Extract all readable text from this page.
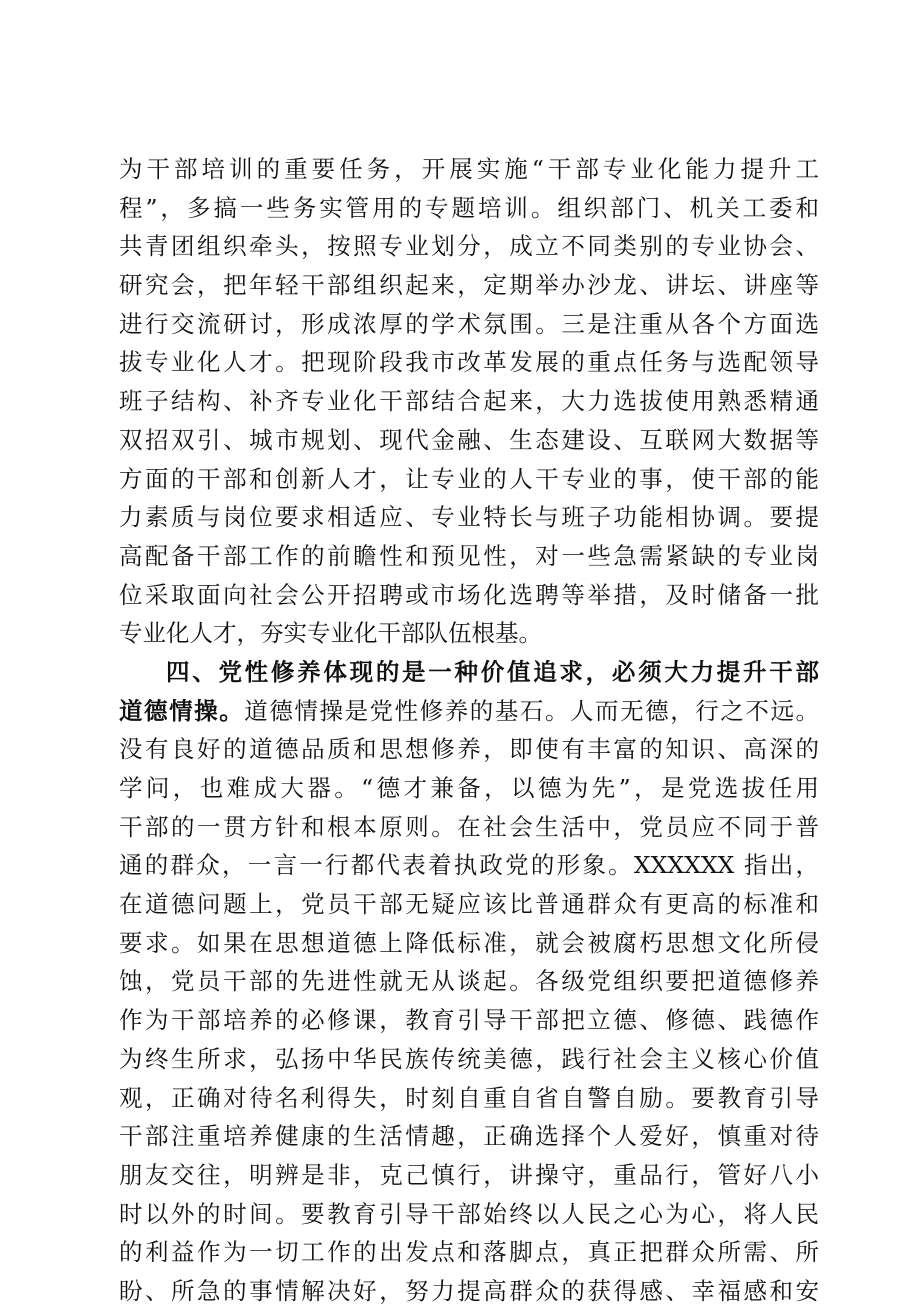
为干部培训的重要任务，开展实施“干部专业化能力提升工
程”，多搞一些务实管用的专题培训。组织部门、机关工委和
共青团组织牵头，按照专业划分，成立不同类别的专业协会、
研究会，把年轻干部组织起来，定期举办沙龙、讲坛、讲座等
进行交流研讨，形成浓厚的学术氛围。三是注重从各个方面选
拔专业化人才。把现阶段我市改革发展的重点任务与选配领导
班子结构、补齐专业化干部结合起来，大力选拔使用熟悉精通
双招双引、城市规划、现代金融、生态建设、互联网大数据等
方面的干部和创新人才，让专业的人干专业的事，使干部的能
力素质与岗位要求相适应、专业特长与班子功能相协调。要提
高配备干部工作的前瞻性和预见性，对一些急需紧缺的专业岗
位采取面向社会公开招聘或市场化选聘等举措，及时储备一批
专业化人才，夯实专业化干部队伍根基。
四、党性修养体现的是一种价值追求，必须大力提升干部
道德情操。道德情操是党性修养的基石。人而无德，行之不远。
没有良好的道德品质和思想修养，即使有丰富的知识、高深的
学问，也难成大器。“德才兼备，以德为先”，是党选拔任用
干部的一贯方针和根本原则。在社会生活中，党员应不同于普
通的群众，一言一行都代表着执政党的形象。XXXXXX 指出，
在道德问题上，党员干部无疑应该比普通群众有更高的标准和
要求。如果在思想道德上降低标准，就会被腐朽思想文化所侵
蚀，党员干部的先进性就无从谈起。各级党组织要把道德修养
作为干部培养的必修课，教育引导干部把立德、修德、践德作
为终生所求，弘扬中华民族传统美德，践行社会主义核心价值
观，正确对待名利得失，时刻自重自省自警自励。要教育引导
干部注重培养健康的生活情趣，正确选择个人爱好，慎重对待
朋友交往，明辨是非，克己慎行，讲操守，重品行，管好八小
时以外的时间。要教育引导干部始终以人民之心为心，将人民
的利益作为一切工作的出发点和落脚点，真正把群众所需、所
盼、所急的事情解决好，努力提高群众的获得感、幸福感和安
